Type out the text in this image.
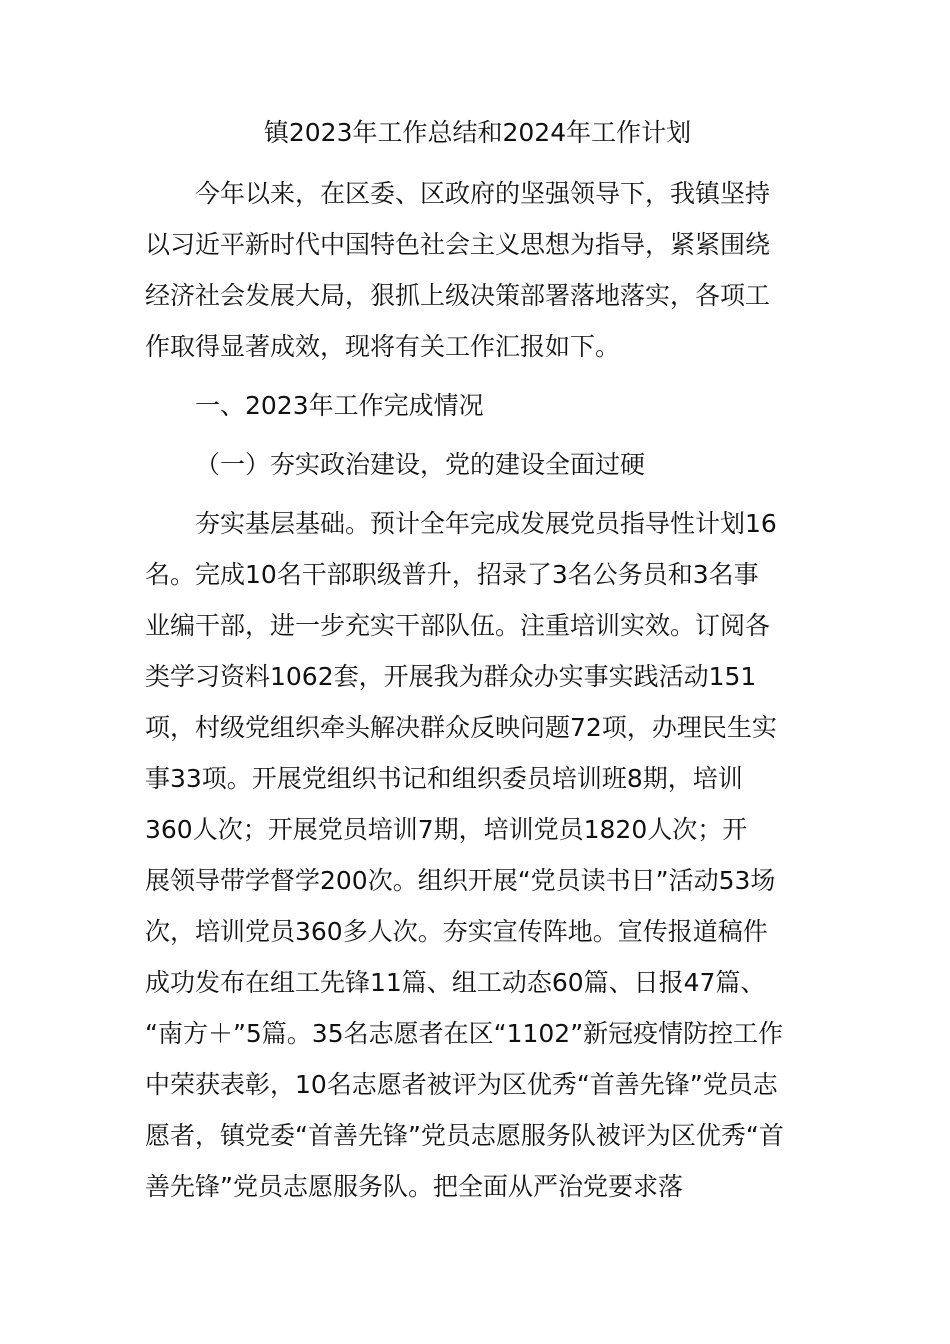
镇2023年工作总结和2024年工作计划
今年以来，在区委、区政府的坚强领导下，我镇坚持
以习近平新时代中国特色社会主义思想为指导，紧紧围绕
经济社会发展大局，狠抓上级决策部署落地落实，各项工
作取得显著成效，现将有关工作汇报如下。
一、2023年工作完成情况
（一）夯实政治建设，党的建设全面过硬
夯实基层基础。预计全年完成发展党员指导性计划16
名。完成10名干部职级普升，招录了3名公务员和3名事
业编干部，进一步充实干部队伍。注重培训实效。订阅各
类学习资料1062套，开展我为群众办实事实践活动151
项，村级党组织牵头解决群众反映问题72项，办理民生实
事33项。开展党组织书记和组织委员培训班8期，培训
360人次；开展党员培训7期，培训党员1820人次；开
展领导带学督学200次。组织开展“党员读书日”活动53场
次，培训党员360多人次。夯实宣传阵地。宣传报道稿件
成功发布在组工先锋11篇、组工动态60篇、日报47篇、
“南方＋”5篇。35名志愿者在区“1102”新冠疫情防控工作
中荣获表彰，10名志愿者被评为区优秀“首善先锋”党员志
愿者，镇党委“首善先锋”党员志愿服务队被评为区优秀“首
善先锋”党员志愿服务队。把全面从严治党要求落
